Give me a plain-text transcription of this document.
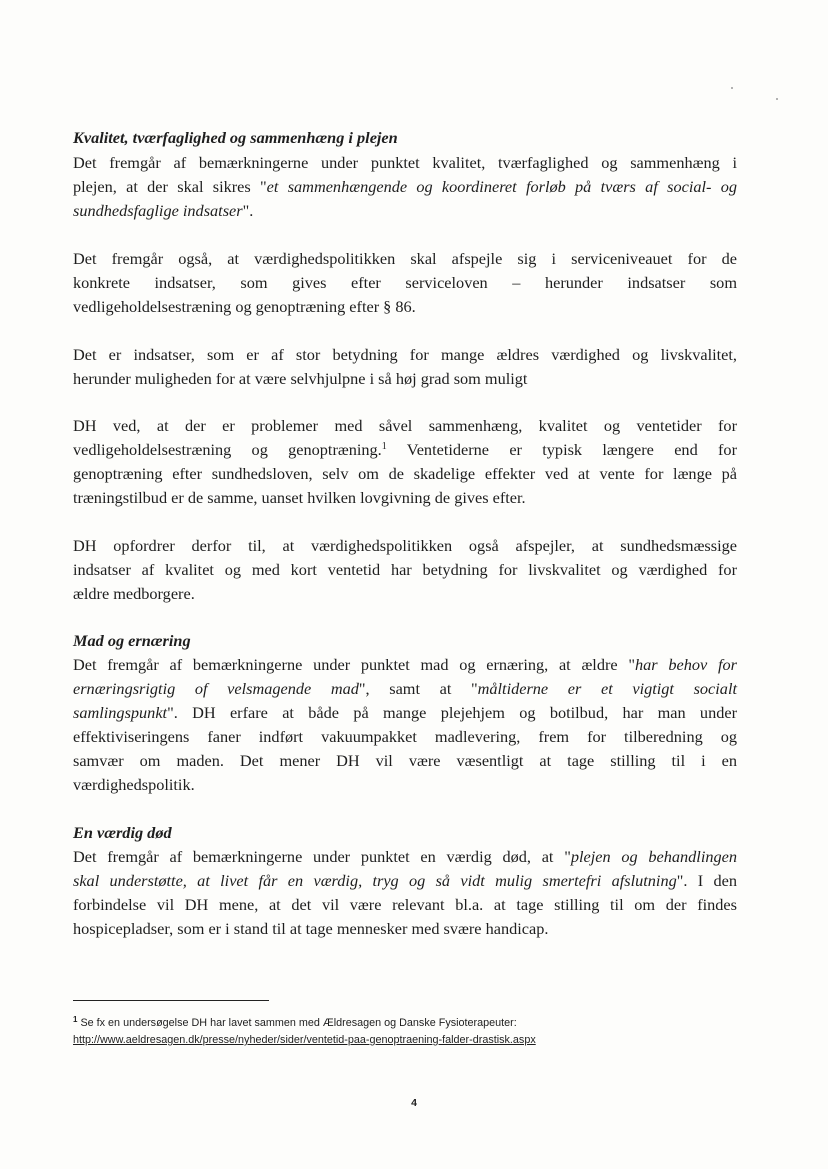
Kvalitet, tværfaglighed og sammenhæng i plejen
Det fremgår af bemærkningerne under punktet kvalitet, tværfaglighed og sammenhæng i
plejen, at der skal sikres "et sammenhængende og koordineret forløb på tværs af social- og
sundhedsfaglige indsatser".
Det fremgår også, at værdighedspolitikken skal afspejle sig i serviceniveauet for de
konkrete indsatser, som gives efter serviceloven – herunder indsatser som
vedligeholdelsestræning og genoptræning efter § 86.
Det er indsatser, som er af stor betydning for mange ældres værdighed og livskvalitet,
herunder muligheden for at være selvhjulpne i så høj grad som muligt
DH ved, at der er problemer med såvel sammenhæng, kvalitet og ventetider for
vedligeholdelsestræning og genoptræning.$^1$ Ventetiderne er typisk længere end for
genoptræning efter sundhedsloven, selv om de skadelige effekter ved at vente for længe på
træningstilbud er de samme, uanset hvilken lovgivning de gives efter.
DH opfordrer derfor til, at værdighedspolitikken også afspejler, at sundhedsmæssige
indsatser af kvalitet og med kort ventetid har betydning for livskvalitet og værdighed for
ældre medborgere.
Mad og ernæring
Det fremgår af bemærkningerne under punktet mad og ernæring, at ældre "har behov for
ernæringsrigtig of velsmagende mad", samt at "måltiderne er et vigtigt socialt
samlingspunkt". DH erfare at både på mange plejehjem og botilbud, har man under
effektiviseringens faner indført vakuumpakket madlevering, frem for tilberedning og
samvær om maden. Det mener DH vil være væsentligt at tage stilling til i en
værdighedspolitik.
En værdig død
Det fremgår af bemærkningerne under punktet en værdig død, at "plejen og behandlingen
skal understøtte, at livet får en værdig, tryg og så vidt mulig smertefri afslutning". I den
forbindelse vil DH mene, at det vil være relevant bl.a. at tage stilling til om der findes
hospicepladser, som er i stand til at tage mennesker med svære handicap.
$^1$ Se fx en undersøgelse DH har lavet sammen med Ældresagen og Danske Fysioterapeuter:
http://www.aeldresagen.dk/presse/nyheder/sider/ventetid-paa-genoptraening-falder-drastisk.aspx
4
